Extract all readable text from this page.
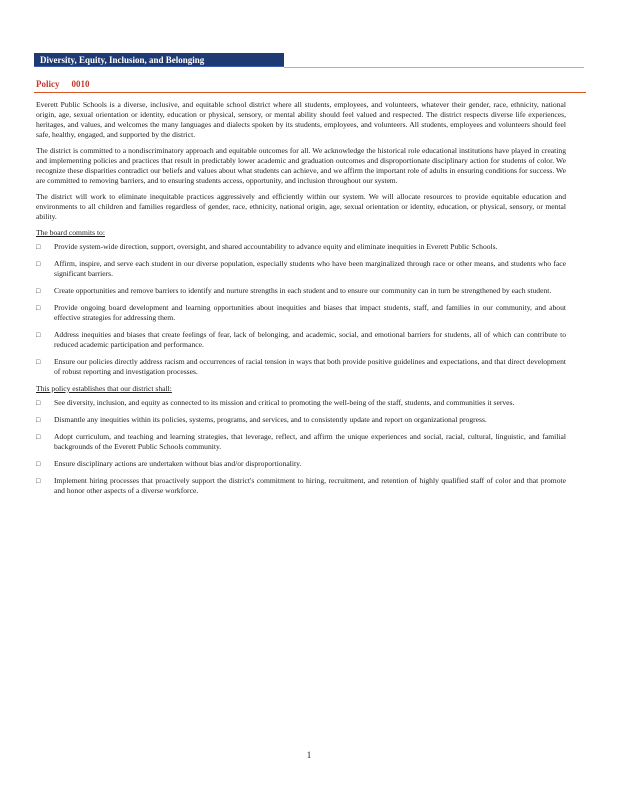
Diversity, Equity, Inclusion, and Belonging
Policy 0010

Everett Public Schools is a diverse, inclusive, and equitable school district where all students, employees, and volunteers, whatever their gender, race, ethnicity, national origin, age, sexual orientation or identity, education or physical, sensory, or mental ability should feel valued and respected. The district respects diverse life experiences, heritages, and values, and welcomes the many languages and dialects spoken by its students, employees, and volunteers. All students, employees and volunteers should feel safe, healthy, engaged, and supported by the district.

The district is committed to a nondiscriminatory approach and equitable outcomes for all. We acknowledge the historical role educational institutions have played in creating and implementing policies and practices that result in predictably lower academic and graduation outcomes and disproportionate disciplinary action for students of color. We recognize these disparities contradict our beliefs and values about what students can achieve, and we affirm the important role of adults in ensuring conditions for success. We are committed to removing barriers, and to ensuring students access, opportunity, and inclusion throughout our system.

The district will work to eliminate inequitable practices aggressively and efficiently within our system. We will allocate resources to provide equitable education and environments to all children and families regardless of gender, race, ethnicity, national origin, age, sexual orientation or identity, education, or physical, sensory, or mental ability.

The board commits to:

□ Provide system-wide direction, support, oversight, and shared accountability to advance equity and eliminate inequities in Everett Public Schools.
□ Affirm, inspire, and serve each student in our diverse population, especially students who have been marginalized through race or other means, and students who face significant barriers.
□ Create opportunities and remove barriers to identify and nurture strengths in each student and to ensure our community can in turn be strengthened by each student.
□ Provide ongoing board development and learning opportunities about inequities and biases that impact students, staff, and families in our community, and about effective strategies for addressing them.
□ Address inequities and biases that create feelings of fear, lack of belonging, and academic, social, and emotional barriers for students, all of which can contribute to reduced academic participation and performance.
□ Ensure our policies directly address racism and occurrences of racial tension in ways that both provide positive guidelines and expectations, and that direct development of robust reporting and investigation processes.

This policy establishes that our district shall:

□ See diversity, inclusion, and equity as connected to its mission and critical to promoting the well-being of the staff, students, and communities it serves.
□ Dismantle any inequities within its policies, systems, programs, and services, and to consistently update and report on organizational progress.
□ Adopt curriculum, and teaching and learning strategies, that leverage, reflect, and affirm the unique experiences and social, racial, cultural, linguistic, and familial backgrounds of the Everett Public Schools community.
□ Ensure disciplinary actions are undertaken without bias and/or disproportionality.
□ Implement hiring processes that proactively support the district's commitment to hiring, recruitment, and retention of highly qualified staff of color and that promote and honor other aspects of a diverse workforce.
1
